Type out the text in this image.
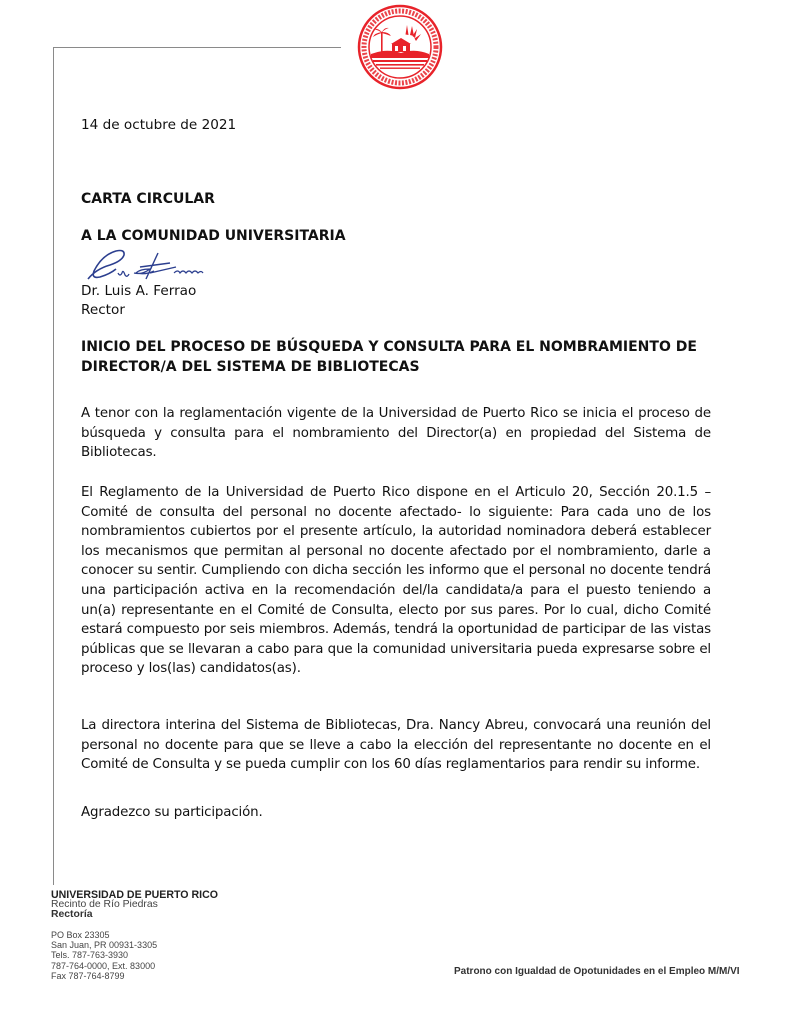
14 de octubre de 2021
CARTA CIRCULAR
A LA COMUNIDAD UNIVERSITARIA
Dr. Luis A. Ferrao
Rector
INICIO DEL PROCESO DE BÚSQUEDA Y CONSULTA PARA EL NOMBRAMIENTO DE DIRECTOR/A DEL SISTEMA DE BIBLIOTECAS
A tenor con la reglamentación vigente de la Universidad de Puerto Rico se inicia el proceso de búsqueda y consulta para el nombramiento del Director(a) en propiedad del Sistema de Bibliotecas.
El Reglamento de la Universidad de Puerto Rico dispone en el Articulo 20, Sección 20.1.5 – Comité de consulta del personal no docente afectado- lo siguiente: Para cada uno de los nombramientos cubiertos por el presente artículo, la autoridad nominadora deberá establecer los mecanismos que permitan al personal no docente afectado por el nombramiento, darle a conocer su sentir. Cumpliendo con dicha sección les informo que el personal no docente tendrá una participación activa en la recomendación del/la candidata/a para el puesto teniendo a un(a) representante en el Comité de Consulta, electo por sus pares. Por lo cual, dicho Comité estará compuesto por seis miembros. Además, tendrá la oportunidad de participar de las vistas públicas que se llevaran a cabo para que la comunidad universitaria pueda expresarse sobre el proceso y los(las) candidatos(as).
La directora interina del Sistema de Bibliotecas, Dra. Nancy Abreu, convocará una reunión del personal no docente para que se lleve a cabo la elección del representante no docente en el Comité de Consulta y se pueda cumplir con los 60 días reglamentarios para rendir su informe.
Agradezco su participación.
UNIVERSIDAD DE PUERTO RICO
Recinto de Río Piedras
Rectoría
PO Box 23305
San Juan, PR 00931-3305
Tels. 787-763-3930
787-764-0000, Ext. 83000
Fax 787-764-8799	Patrono con Igualdad de Opotunidades en el Empleo M/M/VI
